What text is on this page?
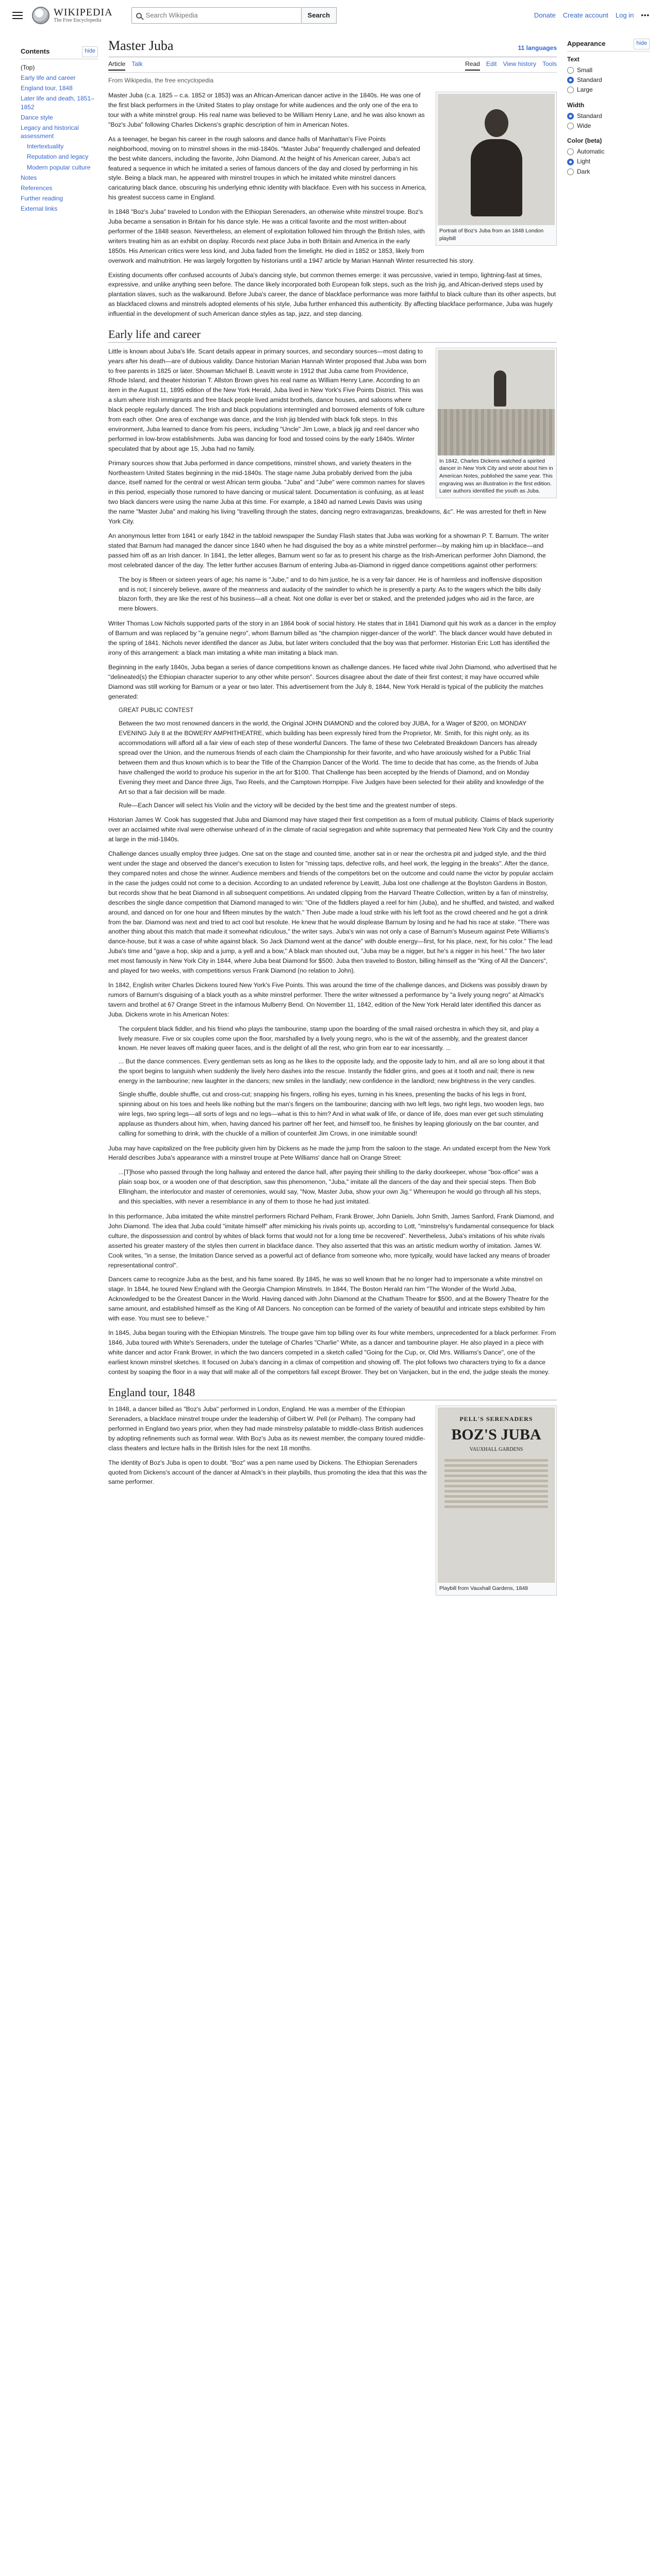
WIKIPEDIA
The Free Encyclopedia
Search Wikipedia	Search	Donate Create account Log in •••
Contents	hide
(Top)
Early life and career
England tour, 1848
Later life and death, 1851–1852
Dance style
Legacy and historical assessment
Intertextuality
Reputation and legacy
Modern popular culture
Notes
References
Further reading
External links
Appearance	hide
Text
Small
Standard
Large
Width
Standard
Wide
Color (beta)
Automatic
Light
Dark
Master Juba	11 languages
Article Talk	Read Edit View history Tools
From Wikipedia, the free encyclopedia
Portrait of Boz's Juba from an 1848 London playbill

Master Juba (c.a. 1825 – c.a. 1852 or 1853) was an African-American dancer active in the 1840s. He was one of the first black performers in the United States to play onstage for white audiences and the only one of the era to tour with a white minstrel group. His real name was believed to be William Henry Lane, and he was also known as "Boz's Juba" following Charles Dickens's graphic description of him in American Notes.

As a teenager, he began his career in the rough saloons and dance halls of Manhattan's Five Points neighborhood, moving on to minstrel shows in the mid-1840s. "Master Juba" frequently challenged and defeated the best white dancers, including the favorite, John Diamond. At the height of his American career, Juba's act featured a sequence in which he imitated a series of famous dancers of the day and closed by performing in his style. Being a black man, he appeared with minstrel troupes in which he imitated white minstrel dancers caricaturing black dance, obscuring his underlying ethnic identity with blackface. Even with his success in America, his greatest success came in England.

In 1848 "Boz's Juba" traveled to London with the Ethiopian Serenaders, an otherwise white minstrel troupe. Boz's Juba became a sensation in Britain for his dance style. He was a critical favorite and the most written-about performer of the 1848 season. Nevertheless, an element of exploitation followed him through the British Isles, with writers treating him as an exhibit on display. Records next place Juba in both Britain and America in the early 1850s. His American critics were less kind, and Juba faded from the limelight. He died in 1852 or 1853, likely from overwork and malnutrition. He was largely forgotten by historians until a 1947 article by Marian Hannah Winter resurrected his story.

Existing documents offer confused accounts of Juba's dancing style, but common themes emerge: it was percussive, varied in tempo, lightning-fast at times, expressive, and unlike anything seen before. The dance likely incorporated both European folk steps, such as the Irish jig, and African-derived steps used by plantation slaves, such as the walkaround. Before Juba's career, the dance of blackface performance was more faithful to black culture than its other aspects, but as blackfaced clowns and minstrels adopted elements of his style, Juba further enhanced this authenticity. By affecting blackface performance, Juba was hugely influential in the development of such American dance styles as tap, jazz, and step dancing.

Early life and career
In 1842, Charles Dickens watched a spirited dancer in New York City and wrote about him in American Notes, published the same year. This engraving was an illustration in the first edition. Later authors identified the youth as Juba.

Little is known about Juba's life. Scant details appear in primary sources, and secondary sources—most dating to years after his death—are of dubious validity. Dance historian Marian Hannah Winter proposed that Juba was born to free parents in 1825 or later. Showman Michael B. Leavitt wrote in 1912 that Juba came from Providence, Rhode Island, and theater historian T. Allston Brown gives his real name as William Henry Lane. According to an item in the August 11, 1895 edition of the New York Herald, Juba lived in New York's Five Points District. This was a slum where Irish immigrants and free black people lived amidst brothels, dance houses, and saloons where black people regularly danced. The Irish and black populations intermingled and borrowed elements of folk culture from each other. One area of exchange was dance, and the Irish jig blended with black folk steps. In this environment, Juba learned to dance from his peers, including "Uncle" Jim Lowe, a black jig and reel dancer who performed in low-brow establishments. Juba was dancing for food and tossed coins by the early 1840s. Winter speculated that by about age 15, Juba had no family.

Primary sources show that Juba performed in dance competitions, minstrel shows, and variety theaters in the Northeastern United States beginning in the mid-1840s. The stage name Juba probably derived from the juba dance, itself named for the central or west African term giouba. "Juba" and "Jube" were common names for slaves in this period, especially those rumored to have dancing or musical talent. Documentation is confusing, as at least two black dancers were using the name Juba at this time. For example, a 1840 ad named Lewis Davis was using the name "Master Juba" and making his living "travelling through the states, dancing negro extravaganzas, breakdowns, &c". He was arrested for theft in New York City.

An anonymous letter from 1841 or early 1842 in the tabloid newspaper the Sunday Flash states that Juba was working for a showman P. T. Barnum. The writer stated that Barnum had managed the dancer since 1840 when he had disguised the boy as a white minstrel performer—by making him up in blackface—and passed him off as an Irish dancer. In 1841, the letter alleges, Barnum went so far as to present his charge as the Irish-American performer John Diamond, the most celebrated dancer of the day. The letter further accuses Barnum of entering Juba-as-Diamond in rigged dance competitions against other performers:

The boy is fifteen or sixteen years of age; his name is "Jube," and to do him justice, he is a very fair dancer. He is of harmless and inoffensive disposition and is not; I sincerely believe, aware of the meanness and audacity of the swindler to which he is presently a party. As to the wagers which the bills daily blazon forth, they are like the rest of his business—all a cheat. Not one dollar is ever bet or staked, and the pretended judges who aid in the farce, are mere blowers.

Writer Thomas Low Nichols supported parts of the story in an 1864 book of social history. He states that in 1841 Diamond quit his work as a dancer in the employ of Barnum and was replaced by "a genuine negro", whom Barnum billed as "the champion nigger-dancer of the world". The black dancer would have debuted in the spring of 1841. Nichols never identified the dancer as Juba, but later writers concluded that the boy was that performer. Historian Eric Lott has identified the irony of this arrangement: a black man imitating a white man imitating a black man.

Beginning in the early 1840s, Juba began a series of dance competitions known as challenge dances. He faced white rival John Diamond, who advertised that he "delineated(s) the Ethiopian character superior to any other white person". Sources disagree about the date of their first contest; it may have occurred while Diamond was still working for Barnum or a year or two later. This advertisement from the July 8, 1844, New York Herald is typical of the publicity the matches generated:

GREAT PUBLIC CONTEST

Between the two most renowned dancers in the world, the Original JOHN DIAMOND and the colored boy JUBA, for a Wager of $200, on MONDAY EVENING July 8 at the BOWERY AMPHITHEATRE, which building has been expressly hired from the Proprietor, Mr. Smith, for this night only, as its accommodations will afford all a fair view of each step of these wonderful Dancers. The fame of these two Celebrated Breakdown Dancers has already spread over the Union, and the numerous friends of each claim the Championship for their favorite, and who have anxiously wished for a Public Trial between them and thus known which is to bear the Title of the Champion Dancer of the World. The time to decide that has come, as the friends of Juba have challenged the world to produce his superior in the art for $100. That Challenge has been accepted by the friends of Diamond, and on Monday Evening they meet and Dance three Jigs, Two Reels, and the Camptown Hornpipe. Five Judges have been selected for their ability and knowledge of the Art so that a fair decision will be made.

Rule—Each Dancer will select his Violin and the victory will be decided by the best time and the greatest number of steps.

Historian James W. Cook has suggested that Juba and Diamond may have staged their first competition as a form of mutual publicity. Claims of black superiority over an acclaimed white rival were otherwise unheard of in the climate of racial segregation and white supremacy that permeated New York City and the country at large in the mid-1840s.

Challenge dances usually employ three judges. One sat on the stage and counted time, another sat in or near the orchestra pit and judged style, and the third went under the stage and observed the dancer's execution to listen for "missing taps, defective rolls, and heel work, the legging in the breaks". After the dance, they compared notes and chose the winner. Audience members and friends of the competitors bet on the outcome and could name the victor by popular acclaim in the case the judges could not come to a decision. According to an undated reference by Leavitt, Juba lost one challenge at the Boylston Gardens in Boston, but records show that he beat Diamond in all subsequent competitions. An undated clipping from the Harvard Theatre Collection, written by a fan of minstrelsy, describes the single dance competition that Diamond managed to win: "One of the fiddlers played a reel for him (Juba), and he shuffled, and twisted, and walked around, and danced on for one hour and fifteen minutes by the watch." Then Jube made a loud strike with his left foot as the crowd cheered and he got a drink from the bar. Diamond was next and tried to act cool but resolute. He knew that he would displease Barnum by losing and he had his race at stake. "There was another thing about this match that made it somewhat ridiculous," the writer says. Juba's win was not only a case of Barnum's Museum against Pete Williams's dance-house, but it was a case of white against black. So Jack Diamond went at the dance" with double energy—first, for his place, next, for his color." The lead Juba's time and "gave a hop, skip and a jump, a yell and a bow," A black man shouted out, "Juba may be a nigger, but he's a nigger in his heel." The two later met most famously in New York City in 1844, where Juba beat Diamond for $500. Juba then traveled to Boston, billing himself as the "King of All the Dancers", and played for two weeks, with competitions versus Frank Diamond (no relation to John).

In 1842, English writer Charles Dickens toured New York's Five Points. This was around the time of the challenge dances, and Dickens was possibly drawn by rumors of Barnum's disguising of a black youth as a white minstrel performer. There the writer witnessed a performance by "a lively young negro" at Almack's tavern and brothel at 67 Orange Street in the infamous Mulberry Bend. On November 11, 1842, edition of the New York Herald later identified this dancer as Juba. Dickens wrote in his American Notes:

The corpulent black fiddler, and his friend who plays the tambourine, stamp upon the boarding of the small raised orchestra in which they sit, and play a lively measure. Five or six couples come upon the floor, marshalled by a lively young negro, who is the wit of the assembly, and the greatest dancer known. He never leaves off making queer faces, and is the delight of all the rest, who grin from ear to ear incessantly. ...

... But the dance commences. Every gentleman sets as long as he likes to the opposite lady, and the opposite lady to him, and all are so long about it that the sport begins to languish when suddenly the lively hero dashes into the rescue. Instantly the fiddler grins, and goes at it tooth and nail; there is new energy in the tambourine; new laughter in the dancers; new smiles in the landlady; new confidence in the landlord; new brightness in the very candles.

Single shuffle, double shuffle, cut and cross-cut; snapping his fingers, rolling his eyes, turning in his knees, presenting the backs of his legs in front, spinning about on his toes and heels like nothing but the man's fingers on the tambourine; dancing with two left legs, two right legs, two wooden legs, two wire legs, two spring legs—all sorts of legs and no legs—what is this to him? And in what walk of life, or dance of life, does man ever get such stimulating applause as thunders about him, when, having danced his partner off her feet, and himself too, he finishes by leaping gloriously on the bar counter, and calling for something to drink, with the chuckle of a million of counterfeit Jim Crows, in one inimitable sound!

Juba may have capitalized on the free publicity given him by Dickens as he made the jump from the saloon to the stage. An undated excerpt from the New York Herald describes Juba's appearance with a minstrel troupe at Pete Williams' dance hall on Orange Street:

...[T]hose who passed through the long hallway and entered the dance hall, after paying their shilling to the darky doorkeeper, whose "box-office" was a plain soap box, or a wooden one of that description, saw this phenomenon, "Juba," imitate all the dancers of the day and their special steps. Then Bob Ellingham, the interlocutor and master of ceremonies, would say, "Now, Master Juba, show your own Jig." Whereupon he would go through all his steps, and this specialties, with never a resemblance in any of them to those he had just imitated.

In this performance, Juba imitated the white minstrel performers Richard Pelham, Frank Brower, John Daniels, John Smith, James Sanford, Frank Diamond, and John Diamond. The idea that Juba could "imitate himself" after mimicking his rivals points up, according to Lott, "minstrelsy's fundamental consequence for black culture, the dispossession and control by whites of black forms that would not for a long time be recovered". Nevertheless, Juba's imitations of his white rivals asserted his greater mastery of the styles then current in blackface dance. They also asserted that this was an artistic medium worthy of imitation. James W. Cook writes, "in a sense, the Imitation Dance served as a powerful act of defiance from someone who, more typically, would have lacked any means of broader representational control".

Dancers came to recognize Juba as the best, and his fame soared. By 1845, he was so well known that he no longer had to impersonate a white minstrel on stage. In 1844, he toured New England with the Georgia Champion Minstrels. In 1844, The Boston Herald ran him "The Wonder of the World Juba, Acknowledged to be the Greatest Dancer in the World. Having danced with John Diamond at the Chatham Theatre for $500, and at the Bowery Theatre for the same amount, and established himself as the King of All Dancers. No conception can be formed of the variety of beautiful and intricate steps exhibited by him with ease. You must see to believe."

In 1845, Juba began touring with the Ethiopian Minstrels. The troupe gave him top billing over its four white members, unprecedented for a black performer. From 1846, Juba toured with White's Serenaders, under the tutelage of Charles "Charlie" White, as a dancer and tambourine player. He also played in a piece with white dancer and actor Frank Brower, in which the two dancers competed in a sketch called "Going for the Cup, or, Old Mrs. Williams's Dance", one of the earliest known minstrel sketches. It focused on Juba's dancing in a climax of competition and showing off. The plot follows two characters trying to fix a dance contest by soaping the floor in a way that will make all of the competitors fall except Brower. They bet on Vanjacken, but in the end, the judge steals the money.

England tour, 1848
PELL'S SERENADERS
BOZ'S JUBA
VAUXHALL GARDENS
Playbill from Vauxhall Gardens, 1848

In 1848, a dancer billed as "Boz's Juba" performed in London, England. He was a member of the Ethiopian Serenaders, a blackface minstrel troupe under the leadership of Gilbert W. Pell (or Pelham). The company had performed in England two years prior, when they had made minstrelsy palatable to middle-class British audiences by adopting refinements such as formal wear. With Boz's Juba as its newest member, the company toured middle-class theaters and lecture halls in the British Isles for the next 18 months.

The identity of Boz's Juba is open to doubt. "Boz" was a pen name used by Dickens. The Ethiopian Serenaders quoted from Dickens's account of the dancer at Almack's in their playbills, thus promoting the idea that this was the same performer.
